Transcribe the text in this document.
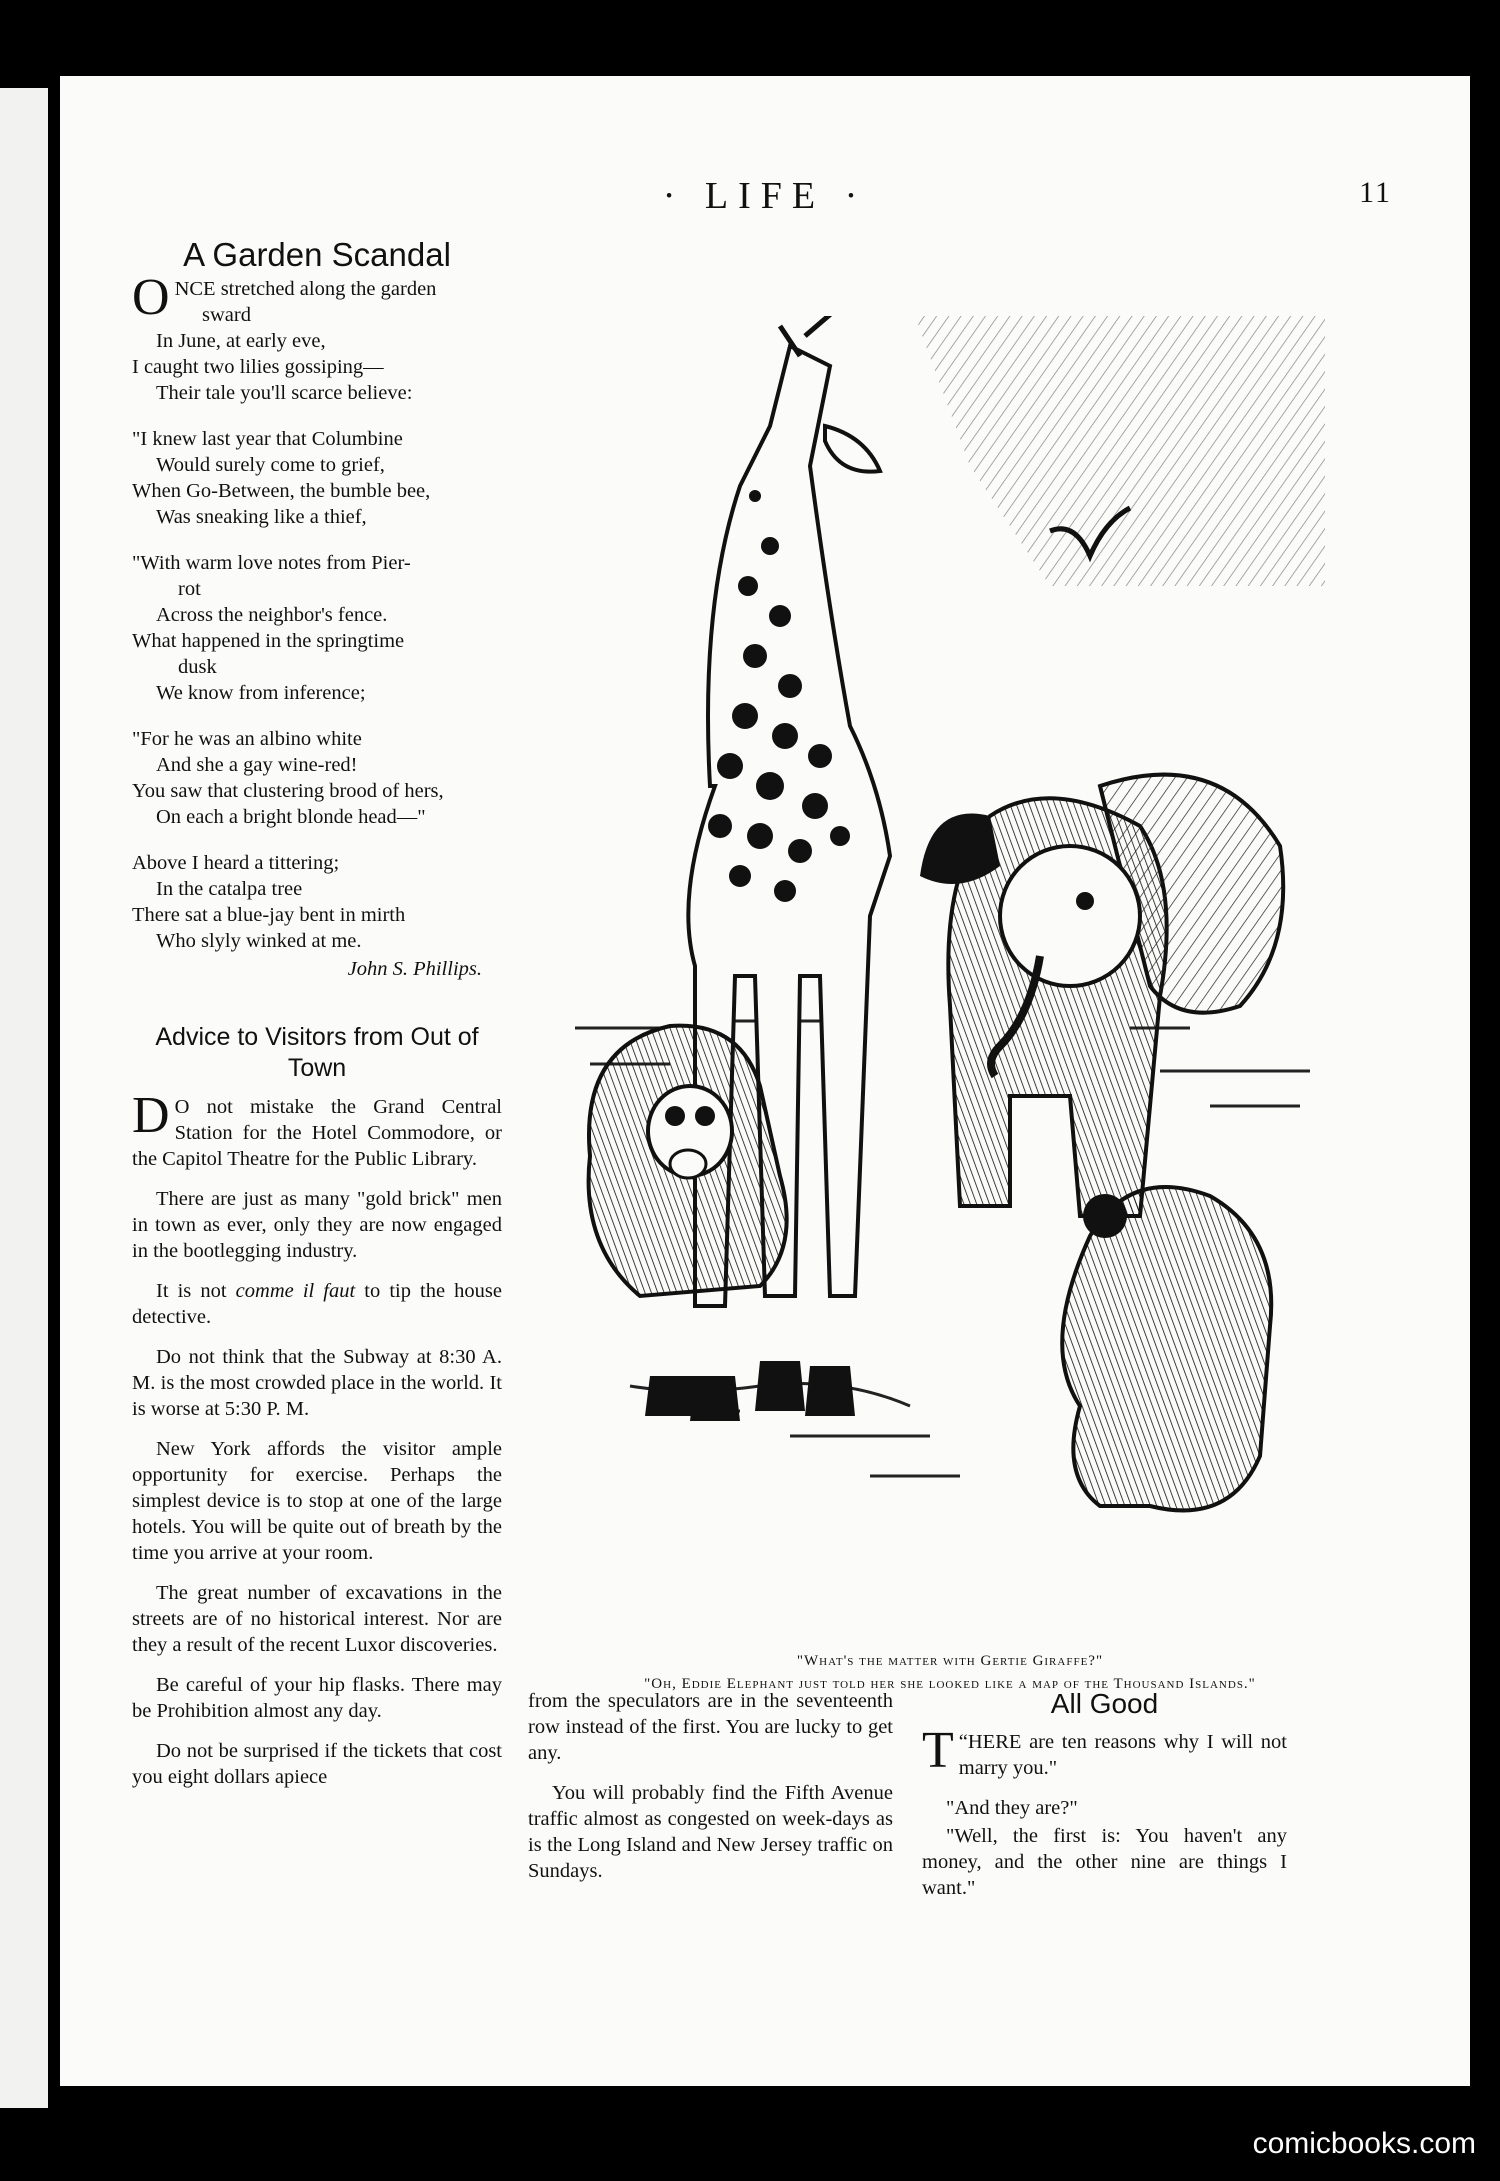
· LIFE ·	11
A Garden Scandal
O NCE stretched along the garden
sward
In June, at early eve,
I caught two lilies gossiping—
Their tale you'll scarce believe:
"I knew last year that Columbine
Would surely come to grief,
When Go-Between, the bumble bee,
Was sneaking like a thief,
"With warm love notes from Pier-
rot
Across the neighbor's fence.
What happened in the springtime
dusk
We know from inference;
"For he was an albino white
And she a gay wine-red!
You saw that clustering brood of hers,
On each a bright blonde head—"
Above I heard a tittering;
In the catalpa tree
There sat a blue-jay bent in mirth
Who slyly winked at me.
John S. Phillips.
Advice to Visitors from Out of Town

D O not mistake the Grand Central Station for the Hotel Commodore, or the Capitol Theatre for the Public Library.

There are just as many "gold brick" men in town as ever, only they are now engaged in the bootlegging industry.

It is not comme il faut to tip the house detective.

Do not think that the Subway at 8:30 A. M. is the most crowded place in the world. It is worse at 5:30 P. M.

New York affords the visitor ample opportunity for exercise. Perhaps the simplest device is to stop at one of the large hotels. You will be quite out of breath by the time you arrive at your room.

The great number of excavations in the streets are of no historical interest. Nor are they a result of the recent Luxor discoveries.

Be careful of your hip flasks. There may be Prohibition almost any day.

Do not be surprised if the tickets that cost you eight dollars apiece

"What's the matter with Gertie Giraffe?"
"Oh, Eddie Elephant just told her she looked like a map of the Thousand Islands."

from the speculators are in the seventeenth row instead of the first. You are lucky to get any.

You will probably find the Fifth Avenue traffic almost as congested on week-days as is the Long Island and New Jersey traffic on Sundays.

All Good

“
T HERE are ten reasons why I will not marry you."

"And they are?"

"Well, the first is: You haven't any money, and the other nine are things I want."

comicbooks.com
